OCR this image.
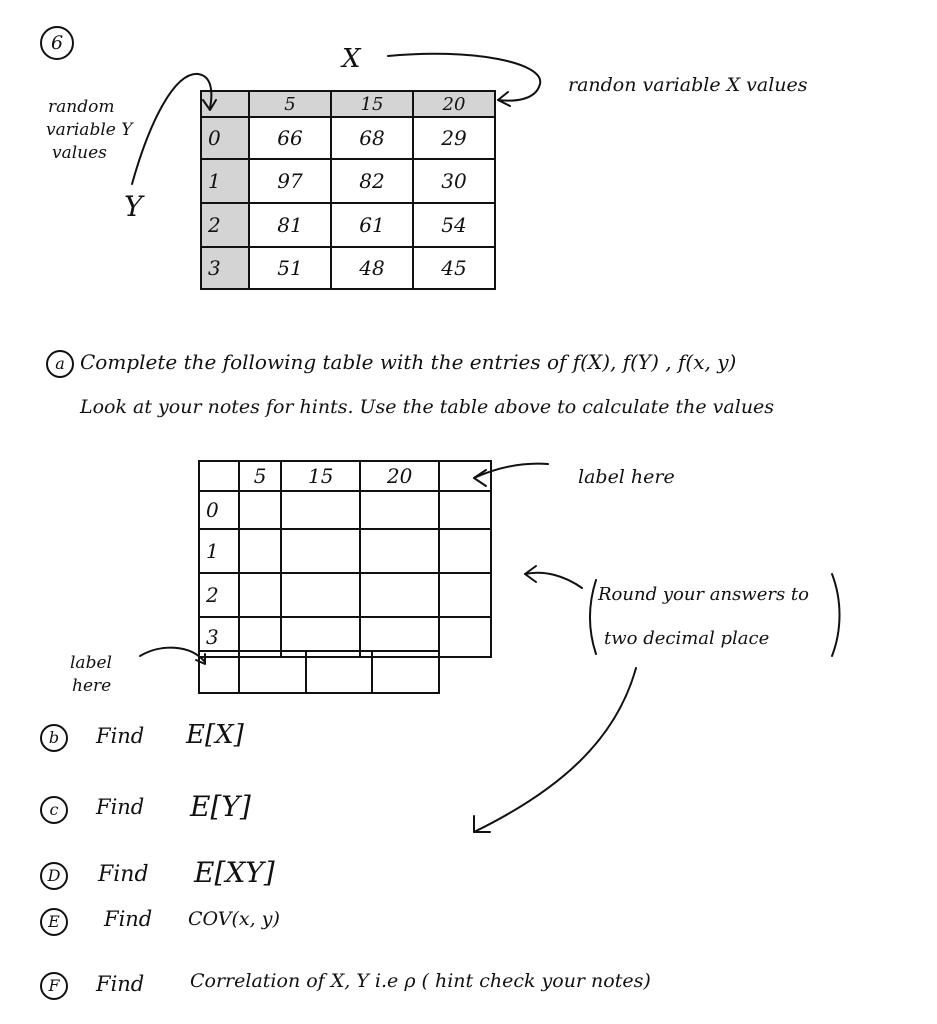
6
X
randon variable X values
random
variable Y
values
Y
	5	15	20
0	66	68	29
1	97	82	30
2	81	61	54
3	51	48	45
a Complete the following table with the entries of f(X), f(Y) , f(x, y)
Look at your notes for hints. Use the table above to calculate the values
label here
Round your answers to
two decimal place
label
here
	5	15	20	
0				
1				
2				
3				

b	Find E[X]
c	Find E[Y]
D	Find E[XY]
E	Find COV(x, y)
F	Find Correlation of X, Y i.e ρ ( hint check your notes)
